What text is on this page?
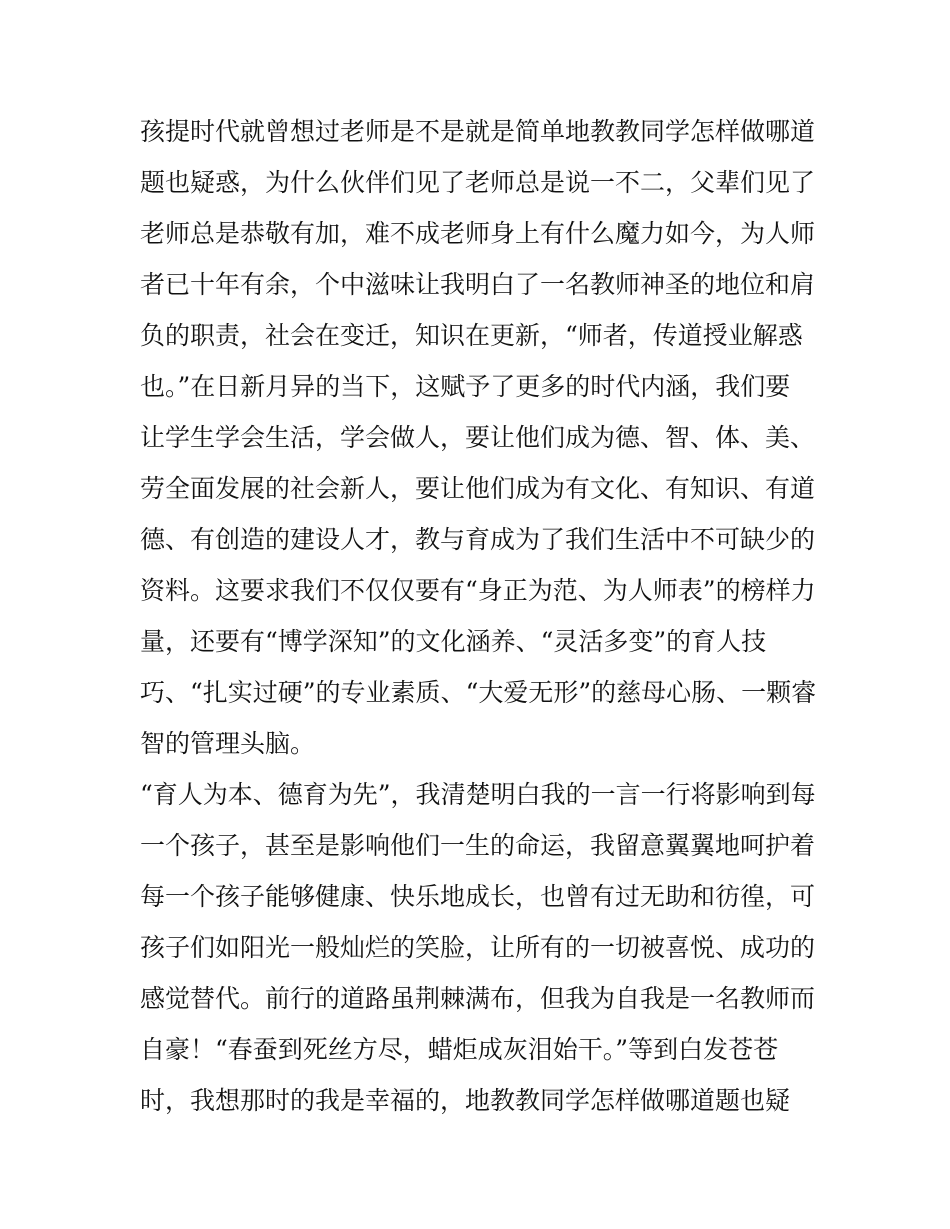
孩提时代就曾想过老师是不是就是简单地教教同学怎样做哪道
题也疑惑，为什么伙伴们见了老师总是说一不二，父辈们见了
老师总是恭敬有加，难不成老师身上有什么魔力如今，为人师
者已十年有余，个中滋味让我明白了一名教师神圣的地位和肩
负的职责，社会在变迁，知识在更新，“师者，传道授业解惑
也。”在日新月异的当下，这赋予了更多的时代内涵，我们要
让学生学会生活，学会做人，要让他们成为德、智、体、美、
劳全面发展的社会新人，要让他们成为有文化、有知识、有道
德、有创造的建设人才，教与育成为了我们生活中不可缺少的
资料。这要求我们不仅仅要有“身正为范、为人师表”的榜样力
量，还要有“博学深知”的文化涵养、“灵活多变”的育人技
巧、“扎实过硬”的专业素质、“大爱无形”的慈母心肠、一颗睿
智的管理头脑。
“育人为本、德育为先”，我清楚明白我的一言一行将影响到每
一个孩子，甚至是影响他们一生的命运，我留意翼翼地呵护着
每一个孩子能够健康、快乐地成长，也曾有过无助和彷徨，可
孩子们如阳光一般灿烂的笑脸，让所有的一切被喜悦、成功的
感觉替代。前行的道路虽荆棘满布，但我为自我是一名教师而
自豪！“春蚕到死丝方尽，蜡炬成灰泪始干。”等到白发苍苍
时，我想那时的我是幸福的，地教教同学怎样做哪道题也疑
